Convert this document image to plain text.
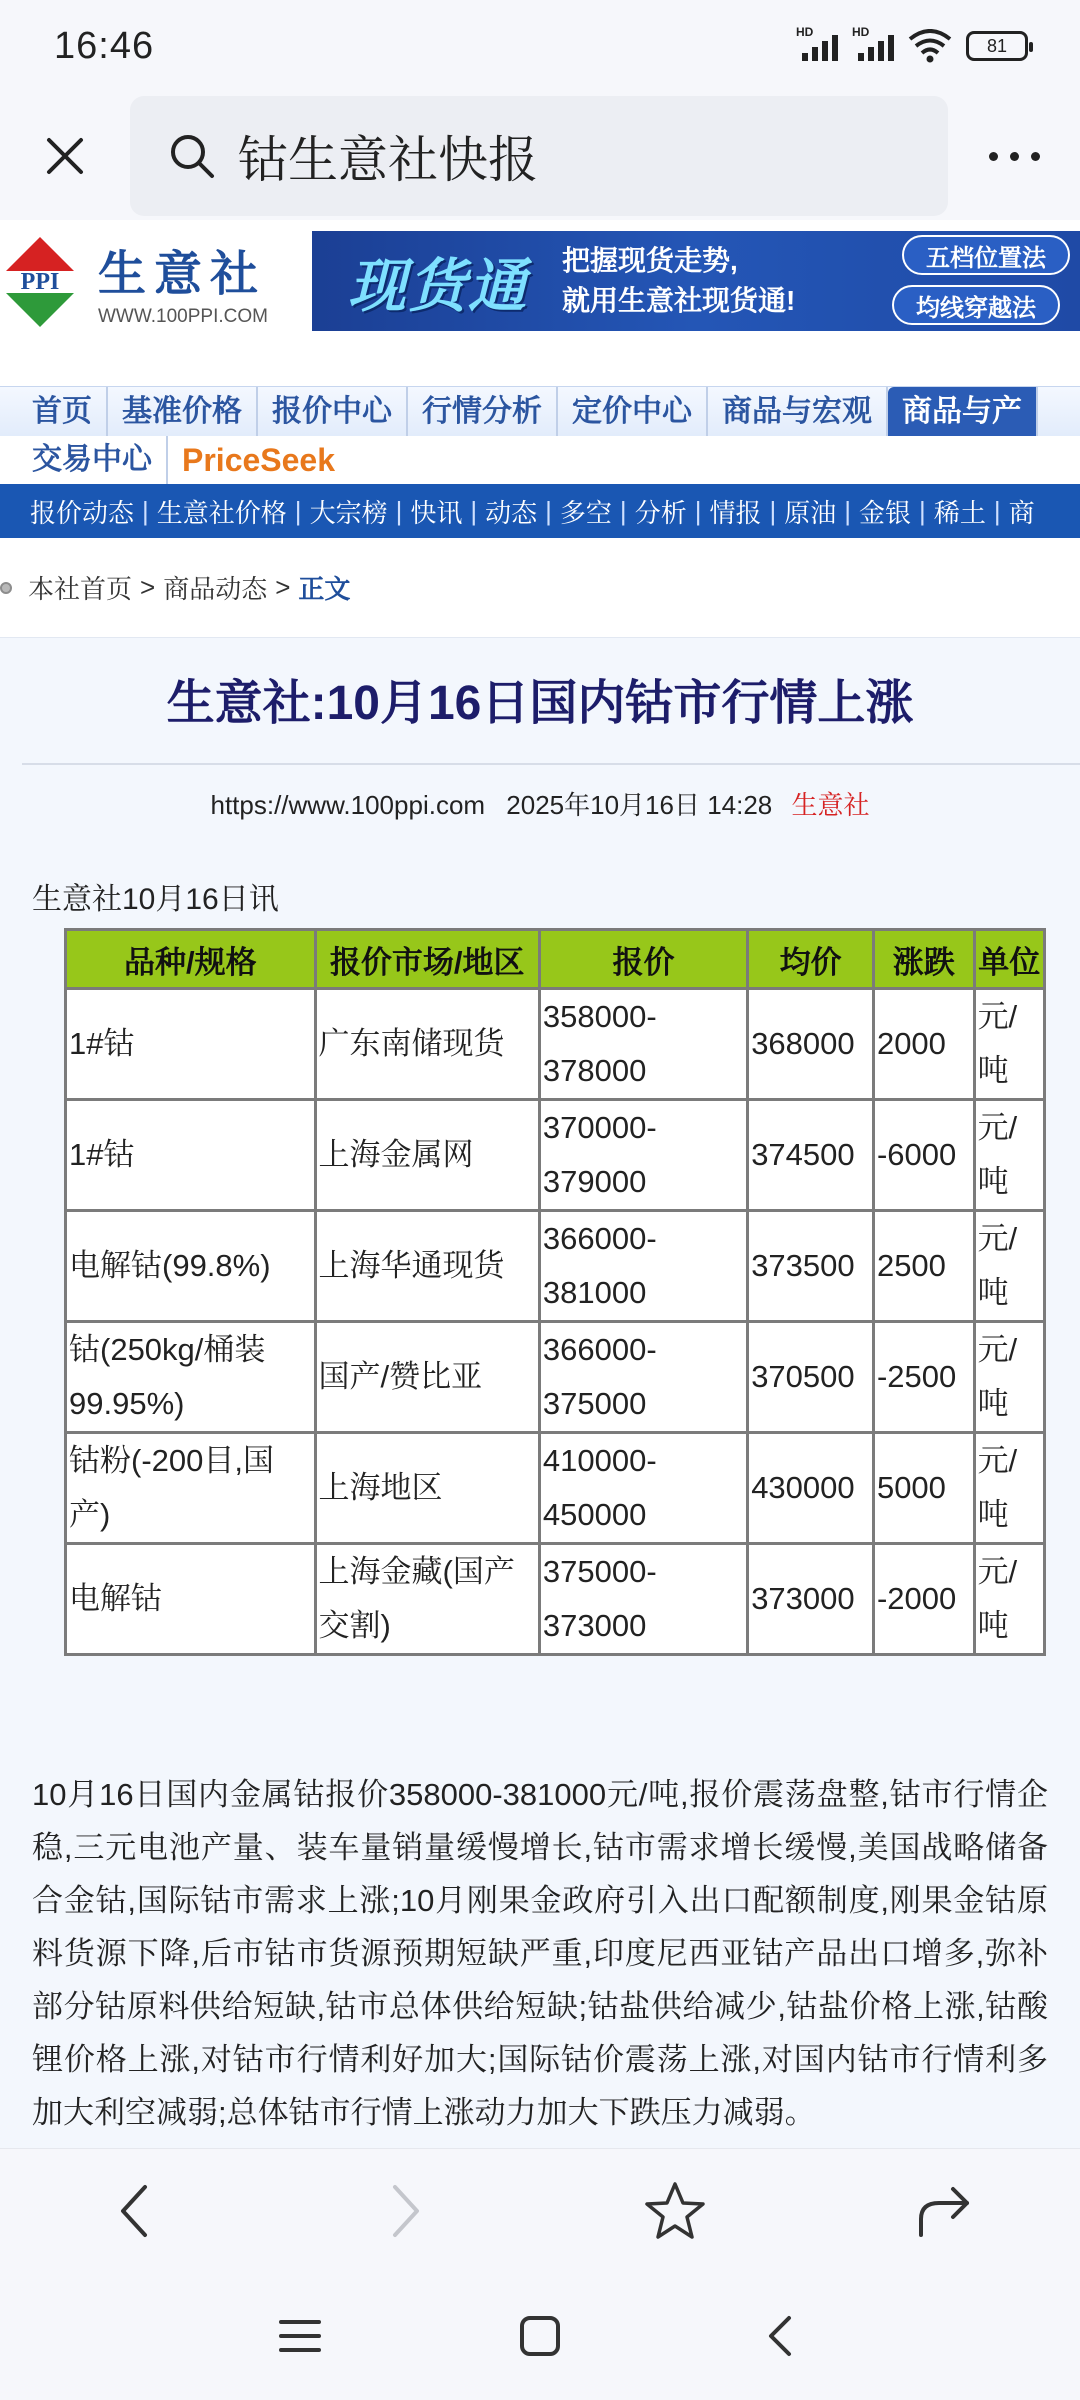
16:46	HD	HD
81
钴生意社快报
PPI 生意社
WWW.100PPI.COM 现货通 把握现货走势,
就用生意社现货通!
五档位置法
均线穿越法
首页	基准价格	报价中心	行情分析	定价中心	商品与宏观	商品与产
交易中心 PriceSeek
报价动态 | 生意社价格 | 大宗榜 | 快讯 | 动态 | 多空 | 分析 | 情报 | 原油 | 金银 | 稀土 | 商
本社首页 > 商品动态 > 正文
生意社:10月16日国内钴市行情上涨
https://www.100ppi.com 2025年10月16日 14:28 生意社
生意社10月16日讯
品种/规格	报价市场/地区	报价	均价	涨跌	单位
1#钴	广东南储现货	358000-378000	368000	2000	元/吨
1#钴	上海金属网	370000-379000	374500	-6000	元/吨
电解钴(99.8%)	上海华通现货	366000-381000	373500	2500	元/吨
钴(250kg/桶装99.95%)	国产/赞比亚	366000-375000	370500	-2500	元/吨
钴粉(-200目,国产)	上海地区	410000-450000	430000	5000	元/吨
电解钴	上海金藏(国产交割)	375000-373000	373000	-2000	元/吨
10月16日国内金属钴报价358000-381000元/吨,报价震荡盘整,钴市行情企稳,三元电池产量、装车量销量缓慢增长,钴市需求增长缓慢,美国战略储备合金钴,国际钴市需求上涨;10月刚果金政府引入出口配额制度,刚果金钴原料货源下降,后市钴市货源预期短缺严重,印度尼西亚钴产品出口增多,弥补部分钴原料供给短缺,钴市总体供给短缺;钴盐供给减少,钴盐价格上涨,钴酸锂价格上涨,对钴市行情利好加大;国际钴价震荡上涨,对国内钴市行情利多加大利空减弱;总体钴市行情上涨动力加大下跌压力减弱。
